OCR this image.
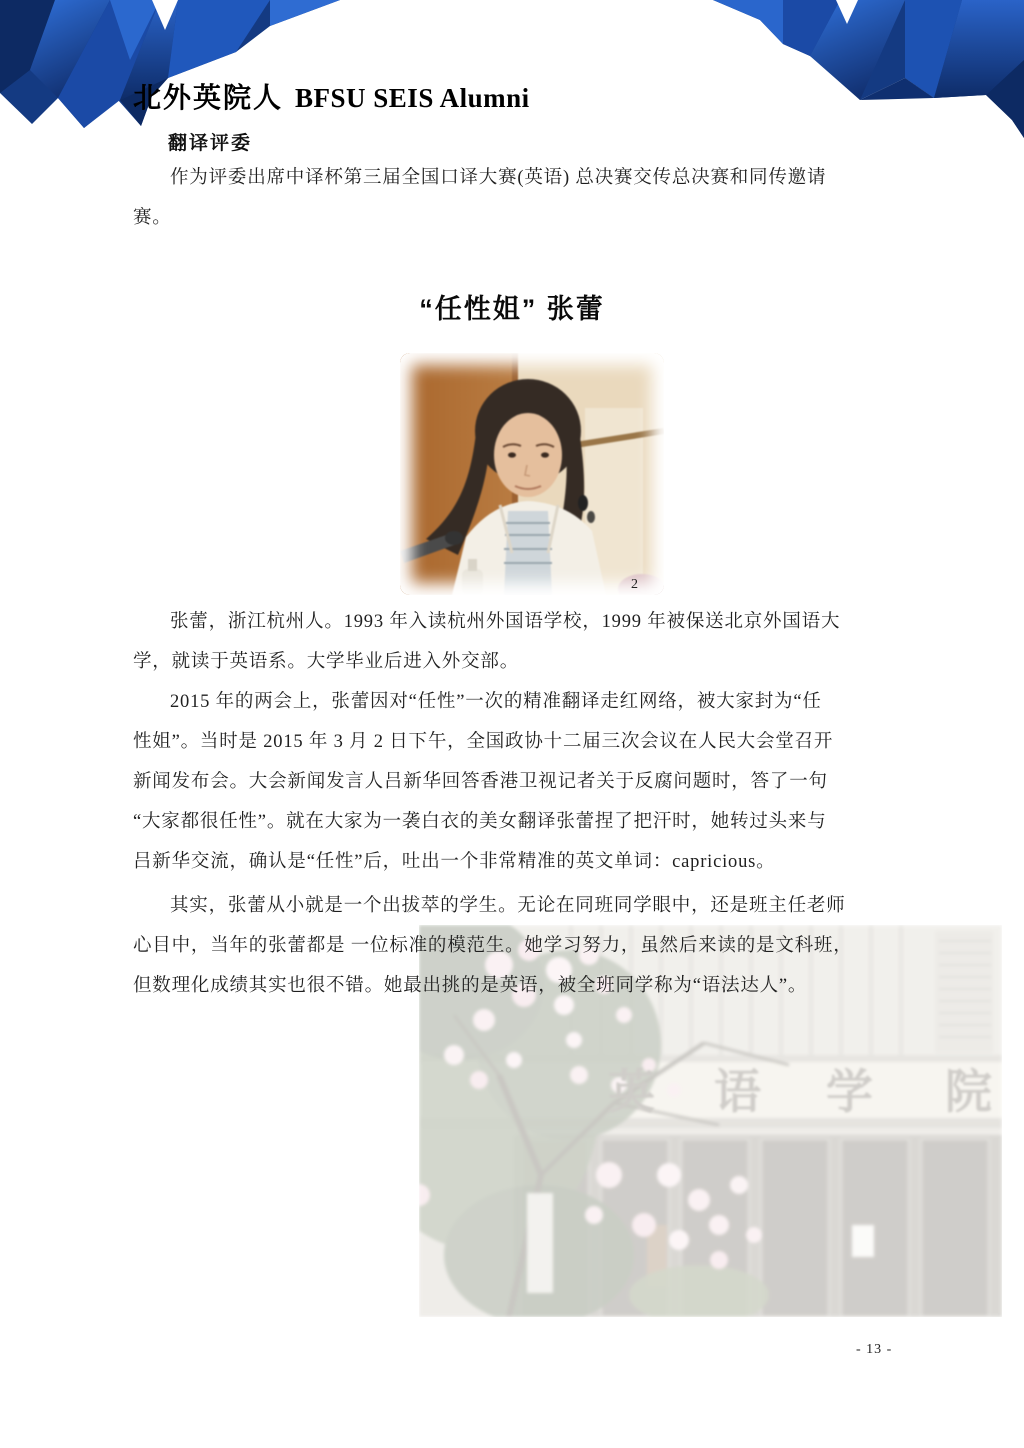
北外英院人 BFSU SEIS Alumni
翻译评委
作为评委出席中译杯第三届全国口译大赛(英语) 总决赛交传总决赛和同传邀请
赛。
“任性姐” 张蕾
2
张蕾，浙江杭州人。1993 年入读杭州外国语学校，1999 年被保送北京外国语大
学，就读于英语系。大学毕业后进入外交部。
2015 年的两会上，张蕾因对“任性”一次的精准翻译走红网络，被大家封为“任
性姐”。当时是 2015 年 3 月 2 日下午，全国政协十二届三次会议在人民大会堂召开
新闻发布会。大会新闻发言人吕新华回答香港卫视记者关于反腐问题时，答了一句
“大家都很任性”。就在大家为一袭白衣的美女翻译张蕾捏了把汗时，她转过头来与
吕新华交流，确认是“任性”后，吐出一个非常精准的英文单词：capricious。
其实，张蕾从小就是一个出拔萃的学生。无论在同班同学眼中，还是班主任老师
心目中，当年的张蕾都是 一位标准的模范生。她学习努力，虽然后来读的是文科班，
但数理化成绩其实也很不错。她最出挑的是英语，被全班同学称为“语法达人”。
英 语 学 院
- 13 -
